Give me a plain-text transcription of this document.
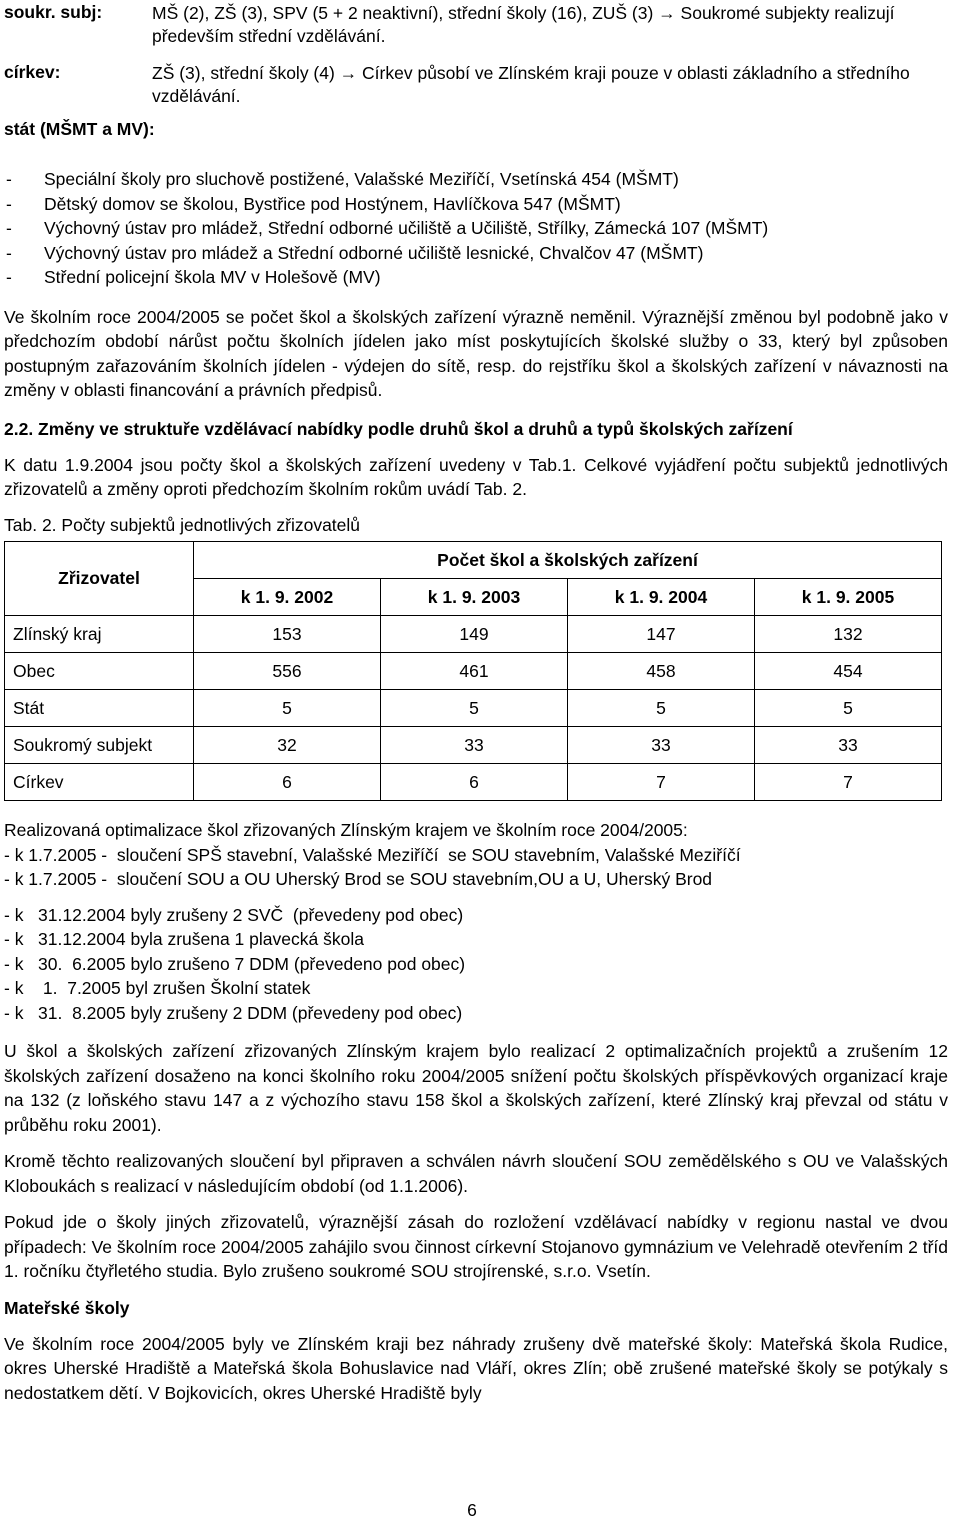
soukr. subj:	MŠ (2), ZŠ (3), SPV (5 + 2 neaktivní), střední školy (16), ZUŠ (3) → Soukromé subjekty realizují především střední vzdělávání.
církev:	ZŠ (3), střední školy (4) → Církev působí ve Zlínském kraji pouze v oblasti základního a středního vzdělávání.
stát (MŠMT a MV):
- Speciální školy pro sluchově postižené, Valašské Meziříčí, Vsetínská 454 (MŠMT)
- Dětský domov se školou, Bystřice pod Hostýnem, Havlíčkova 547 (MŠMT)
- Výchovný ústav pro mládež, Střední odborné učiliště a Učiliště, Střílky, Zámecká 107 (MŠMT)
- Výchovný ústav pro mládež a Střední odborné učiliště lesnické, Chvalčov 47 (MŠMT)
- Střední policejní škola MV v Holešově (MV)

Ve školním roce 2004/2005 se počet škol a školských zařízení výrazně neměnil. Výraznější změnou byl podobně jako v předchozím období nárůst počtu školních jídelen jako míst poskytujících školské služby o 33, který byl způsoben postupným zařazováním školních jídelen - výdejen do sítě, resp. do rejstříku škol a školských zařízení v návaznosti na změny v oblasti financování a právních předpisů.

2.2. Změny ve struktuře vzdělávací nabídky podle druhů škol a druhů a typů školských zařízení

K datu 1.9.2004 jsou počty škol a školských zařízení uvedeny v Tab.1. Celkové vyjádření počtu subjektů jednotlivých zřizovatelů a změny oproti předchozím školním rokům uvádí Tab. 2.

Tab. 2. Počty subjektů jednotlivých zřizovatelů

Zřizovatel	Počet škol a školských zařízení			
	k 1. 9. 2002	k 1. 9. 2003	k 1. 9. 2004	k 1. 9. 2005
Zlínský kraj	153	149	147	132
Obec	556	461	458	454
Stát	5	5	5	5
Soukromý subjekt	32	33	33	33
Církev	6	6	7	7

Realizovaná optimalizace škol zřizovaných Zlínským krajem ve školním roce 2004/2005:

- k 1.7.2005 -  sloučení SPŠ stavební, Valašské Meziříčí  se SOU stavebním, Valašské Meziříčí
- k 1.7.2005 -  sloučení SOU a OU Uherský Brod se SOU stavebním,OU a U, Uherský Brod
- k   31.12.2004 byly zrušeny 2 SVČ  (převedeny pod obec)
- k   31.12.2004 byla zrušena 1 plavecká škola
- k   30.  6.2005 bylo zrušeno 7 DDM (převedeno pod obec)
- k    1.  7.2005 byl zrušen Školní statek
- k   31.  8.2005 byly zrušeny 2 DDM (převedeny pod obec)

U škol a školských zařízení zřizovaných Zlínským krajem bylo realizací 2 optimalizačních projektů a zrušením 12 školských zařízení dosaženo na konci školního roku 2004/2005 snížení počtu školských příspěvkových organizací kraje na 132 (z loňského stavu 147 a z výchozího stavu 158 škol a školských zařízení, které Zlínský kraj převzal od státu v průběhu roku 2001).

Kromě těchto realizovaných sloučení byl připraven a schválen návrh sloučení SOU zemědělského s OU ve Valašských Kloboukách s realizací v následujícím období (od 1.1.2006).

Pokud jde o školy jiných zřizovatelů, výraznější zásah do rozložení vzdělávací nabídky v regionu nastal ve dvou případech: Ve školním roce 2004/2005 zahájilo svou činnost církevní Stojanovo gymnázium ve Velehradě otevřením 2 tříd 1. ročníku čtyřletého studia. Bylo zrušeno soukromé SOU strojírenské, s.r.o. Vsetín.

Mateřské školy

Ve školním roce 2004/2005 byly ve Zlínském kraji bez náhrady zrušeny dvě mateřské školy: Mateřská škola Rudice, okres Uherské Hradiště a Mateřská škola Bohuslavice nad Vláří, okres Zlín; obě zrušené mateřské školy se potýkaly s nedostatkem dětí. V Bojkovicích, okres Uherské Hradiště byly

6
